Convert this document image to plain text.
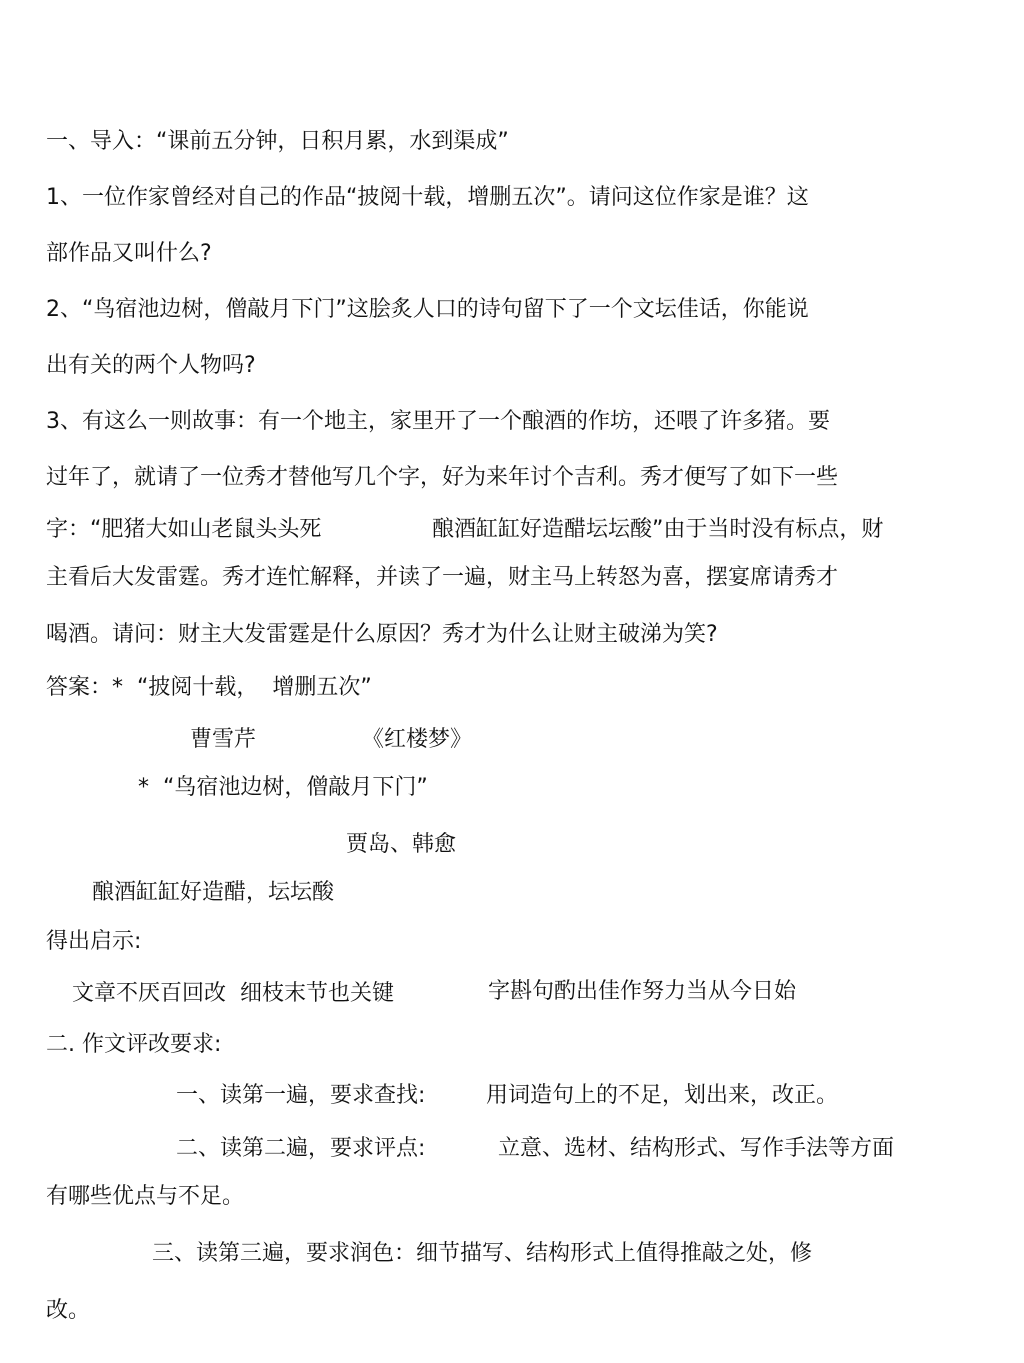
一、导入：“课前五分钟，日积月累，水到渠成”
1、一位作家曾经对自己的作品“披阅十载，增删五次”。请问这位作家是谁？这
部作品又叫什么?
2、“鸟宿池边树，僧敲月下门”这脍炙人口的诗句留下了一个文坛佳话，你能说
出有关的两个人物吗?
3、有这么一则故事：有一个地主，家里开了一个酿酒的作坊，还喂了许多猪。要
过年了，就请了一位秀才替他写几个字，好为来年讨个吉利。秀才便写了如下一些
字：“肥猪大如山老鼠头头死	酿酒缸缸好造醋坛坛酸”由于当时没有标点，财
主看后大发雷霆。秀才连忙解释，并读了一遍，财主马上转怒为喜，摆宴席请秀才
喝酒。请问：财主大发雷霆是什么原因？秀才为什么让财主破涕为笑?
答案：*  “披阅十载，  增删五次”
曹雪芹	《红楼梦》
*  “鸟宿池边树，僧敲月下门”
贾岛、韩愈
酿酒缸缸好造醋，坛坛酸
得出启示:
文章不厌百回改  细枝末节也关键	字斟句酌出佳作努力当从今日始
二. 作文评改要求:
一、读第一遍，要求查找:	用词造句上的不足，划出来，改正。
二、读第二遍，要求评点:	立意、选材、结构形式、写作手法等方面
有哪些优点与不足。
三、读第三遍，要求润色：细节描写、结构形式上值得推敲之处，修
改。
